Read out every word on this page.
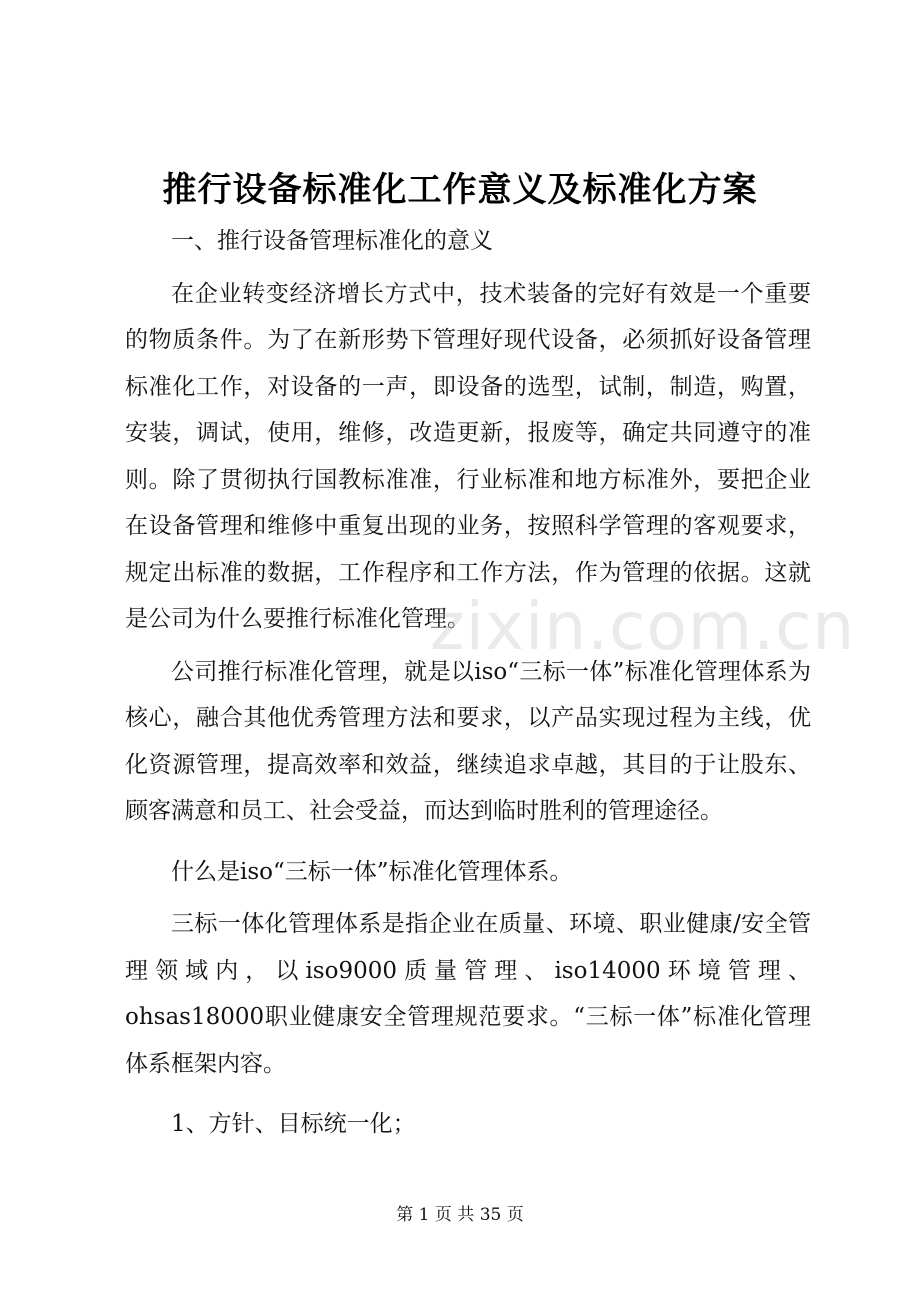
推行设备标准化工作意义及标准化方案

一、推行设备管理标准化的意义

在企业转变经济增长方式中，技术装备的完好有效是一个重要的物质条件。为了在新形势下管理好现代设备，必须抓好设备管理标准化工作，对设备的一声，即设备的选型，试制，制造，购置，安装，调试，使用，维修，改造更新，报废等，确定共同遵守的准则。除了贯彻执行国教标准准，行业标准和地方标准外，要把企业在设备管理和维修中重复出现的业务，按照科学管理的客观要求，规定出标准的数据，工作程序和工作方法，作为管理的依据。这就是公司为什么要推行标准化管理。

公司推行标准化管理，就是以iso“三标一体”标准化管理体系为核心，融合其他优秀管理方法和要求，以产品实现过程为主线，优化资源管理，提高效率和效益，继续追求卓越，其目的于让股东、顾客满意和员工、社会受益，而达到临时胜利的管理途径。

什么是iso“三标一体”标准化管理体系。

三标一体化管理体系是指企业在质量、环境、职业健康/安全管理领域内，以iso9000质量管理、iso14000环境管理、ohsas18000职业健康安全管理规范要求。“三标一体”标准化管理体系框架内容。

1、方针、目标统一化；

zixin.com.cn
第 1 页 共 35 页
